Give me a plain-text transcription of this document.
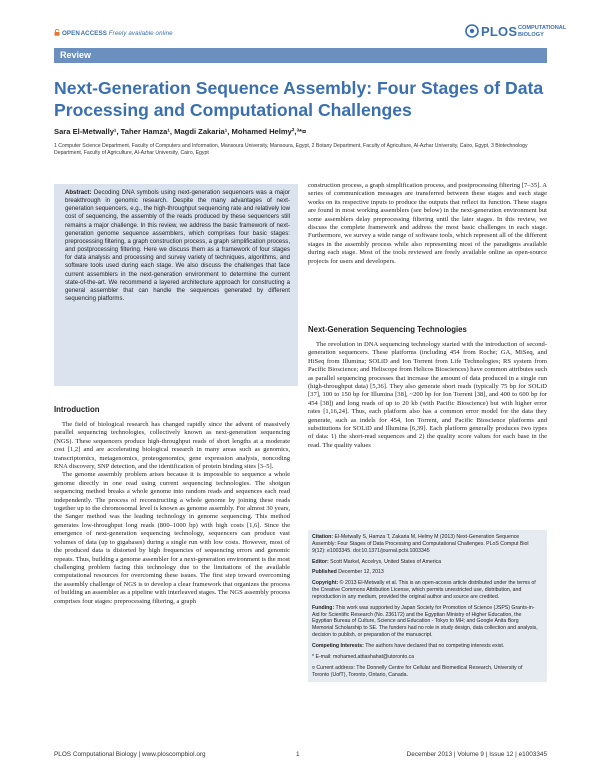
OPEN ACCESS Freely available online	PLOS COMPUTATIONAL
BIOLOGY
Review
Next-Generation Sequence Assembly: Four Stages of Data Processing and Computational Challenges
Sara El-Metwally¹, Taher Hamza¹, Magdi Zakaria¹, Mohamed Helmy²,³*¤
1 Computer Science Department, Faculty of Computers and Information, Mansoura University, Mansoura, Egypt, 2 Botany Department, Faculty of Agriculture, Al-Azhar University, Cairo, Egypt, 3 Biotechnology Department, Faculty of Agriculture, Al-Azhar University, Cairo, Egypt

Abstract: Decoding DNA symbols using next-generation sequencers was a major breakthrough in genomic research. Despite the many advantages of next-generation sequencers, e.g., the high-throughput sequencing rate and relatively low cost of sequencing, the assembly of the reads produced by these sequencers still remains a major challenge. In this review, we address the basic framework of next-generation genome sequence assemblers, which comprises four basic stages: preprocessing filtering, a graph construction process, a graph simplification process, and postprocessing filtering. Here we discuss them as a framework of four stages for data analysis and processing and survey variety of techniques, algorithms, and software tools used during each stage. We also discuss the challenges that face current assemblers in the next-generation environment to determine the current state-of-the-art. We recommend a layered architecture approach for constructing a general assembler that can handle the sequences generated by different sequencing platforms.

Introduction

The field of biological research has changed rapidly since the advent of massively parallel sequencing technologies, collectively known as next-generation sequencing (NGS). These sequencers produce high-throughput reads of short lengths at a moderate cost [1,2] and are accelerating biological research in many areas such as genomics, transcriptomics, metagenomics, proteogenomics, gene expression analysis, noncoding RNA discovery, SNP detection, and the identification of protein binding sites [3–5].

The genome assembly problem arises because it is impossible to sequence a whole genome directly in one read using current sequencing technologies. The shotgun sequencing method breaks a whole genome into random reads and sequences each read independently. The process of reconstructing a whole genome by joining these reads together up to the chromosomal level is known as genome assembly. For almost 30 years, the Sanger method was the leading technology in genome sequencing. This method generates low-throughput long reads (800–1000 bp) with high costs [1,6]. Since the emergence of next-generation sequencing technology, sequencers can produce vast volumes of data (up to gigabases) during a single run with low costs. However, most of the produced data is distorted by high frequencies of sequencing errors and genomic repeats. Thus, building a genome assembler for a next-generation environment is the most challenging problem facing this technology due to the limitations of the available computational resources for overcoming these issues. The first step toward overcoming the assembly challenge of NGS is to develop a clear framework that organizes the process of building an assembler as a pipeline with interleaved stages. The NGS assembly process comprises four stages: preprocessing filtering, a graph

construction process, a graph simplification process, and postprocessing filtering [7–35]. A series of communication messages are transferred between these stages and each stage works on its respective inputs to produce the outputs that reflect its function. These stages are found in most working assemblers (see below) in the next-generation environment but some assemblers delay preprocessing filtering until the later stages. In this review, we discuss the complete framework and address the most basic challenges in each stage. Furthermore, we survey a wide range of software tools, which represent all of the different stages in the assembly process while also representing most of the paradigms available during each stage. Most of the tools reviewed are freely available online as open-source projects for users and developers.

Next-Generation Sequencing Technologies

The revolution in DNA sequencing technology started with the introduction of second-generation sequencers. These platforms (including 454 from Roche; GA, MiSeq, and HiSeq from Illumina; SOLiD and Ion Torrent from Life Technologies; RS system from Pacific Bioscience; and Heliscope from Helicos Biosciences) have common attributes such as parallel sequencing processes that increase the amount of data produced in a single run (high-throughput data) [5,36]. They also generate short reads (typically 75 bp for SOLiD [37], 100 to 150 bp for Illumina [38], ~200 bp for Ion Torrent [38], and 400 to 600 bp for 454 [38]) and long reads of up to 20 kb (with Pacific Bioscience) but with higher error rates [1,16,24]. Thus, each platform also has a common error model for the data they generate, such as indels for 454, Ion Torrent, and Pacific Bioscience platforms and substitutions for SOLiD and Illumina [6,39]. Each platform generally produces two types of data: 1) the short-read sequences and 2) the quality score values for each base in the read. The quality values

Citation: El-Metwally S, Hamza T, Zakaria M, Helmy M (2013) Next-Generation Sequence Assembly: Four Stages of Data Processing and Computational Challenges. PLoS Comput Biol 9(12): e1003345. doi:10.1371/journal.pcbi.1003345

Editor: Scott Markel, Accelrys, United States of America

Published December 12, 2013

Copyright: © 2013 El-Metwally et al. This is an open-access article distributed under the terms of the Creative Commons Attribution License, which permits unrestricted use, distribution, and reproduction in any medium, provided the original author and source are credited.

Funding: This work was supported by Japan Society for Promotion of Science (JSPS) Grants-in-Aid for Scientific Research (No. 236172) and the Egyptian Ministry of Higher Education, the Egyptian Bureau of Culture, Science and Education - Tokyo to MH; and Google Anita Borg Memorial Scholarship to SE. The funders had no role in study design, data collection and analysis, decision to publish, or preparation of the manuscript.

Competing Interests: The authors have declared that no competing interests exist.

* E-mail: mohamed.attiashahat@utoronto.ca

¤ Current address: The Donnelly Centre for Cellular and Biomedical Research, University of Toronto (UofT), Toronto, Ontario, Canada.

PLOS Computational Biology | www.ploscompbiol.org	1	December 2013 | Volume 9 | Issue 12 | e1003345
